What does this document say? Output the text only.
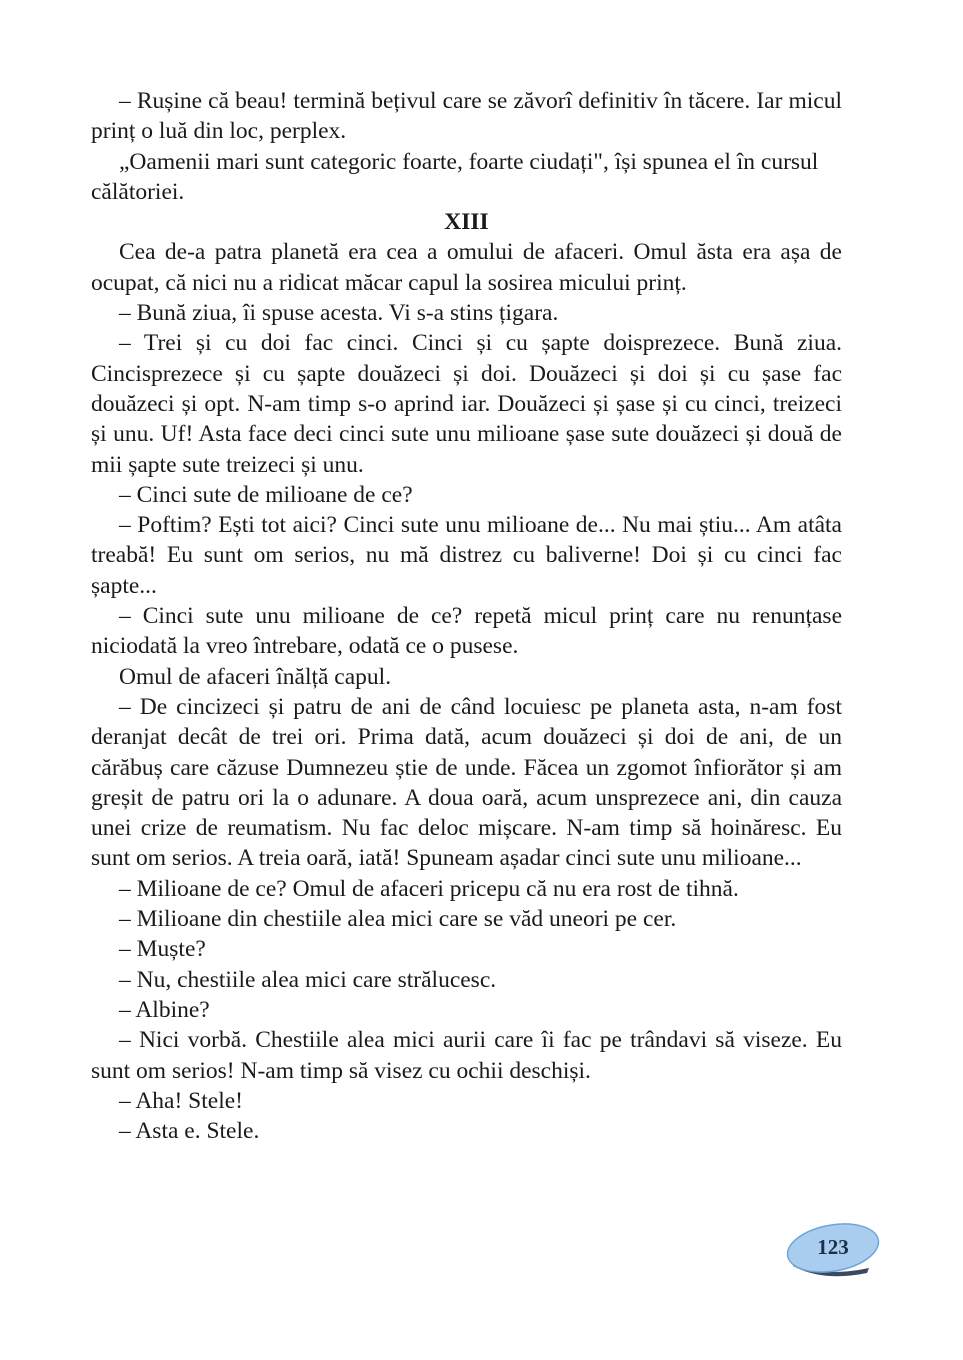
– Rușine că beau! termină bețivul care se zăvorî definitiv în tăcere. Iar micul prinț o luă din loc, perplex.

„Oamenii mari sunt categoric foarte, foarte ciudați", își spunea el în cursul călătoriei.

XIII

Cea de-a patra planetă era cea a omului de afaceri. Omul ăsta era așa de ocupat, că nici nu a ridicat măcar capul la sosirea micului prinț.

– Bună ziua, îi spuse acesta. Vi s-a stins țigara.

– Trei și cu doi fac cinci. Cinci și cu șapte doisprezece. Bună ziua. Cincisprezece și cu șapte douăzeci și doi. Douăzeci și doi și cu șase fac douăzeci și opt. N-am timp s-o aprind iar. Douăzeci și șase și cu cinci, treizeci și unu. Uf! Asta face deci cinci sute unu milioane șase sute douăzeci și două de mii șapte sute treizeci și unu.

– Cinci sute de milioane de ce?

– Poftim? Ești tot aici? Cinci sute unu milioane de... Nu mai știu... Am atâta treabă! Eu sunt om serios, nu mă distrez cu baliverne! Doi și cu cinci fac șapte...

– Cinci sute unu milioane de ce? repetă micul prinț care nu renunțase niciodată la vreo întrebare, odată ce o pusese.

Omul de afaceri înălță capul.

– De cincizeci și patru de ani de când locuiesc pe planeta asta, n-am fost deranjat decât de trei ori. Prima dată, acum douăzeci și doi de ani, de un cărăbuș care căzuse Dumnezeu știe de unde. Făcea un zgomot înfiorător și am greșit de patru ori la o adunare. A doua oară, acum unsprezece ani, din cauza unei crize de reumatism. Nu fac deloc mișcare. N-am timp să hoinăresc. Eu sunt om serios. A treia oară, iată! Spuneam așadar cinci sute unu milioane...

– Milioane de ce? Omul de afaceri pricepu că nu era rost de tihnă.

– Milioane din chestiile alea mici care se văd uneori pe cer.

– Muște?

– Nu, chestiile alea mici care strălucesc.

– Albine?

– Nici vorbă. Chestiile alea mici aurii care îi fac pe trândavi să viseze. Eu sunt om serios! N-am timp să visez cu ochii deschiși.

– Aha! Stele!

– Asta e. Stele.

123
